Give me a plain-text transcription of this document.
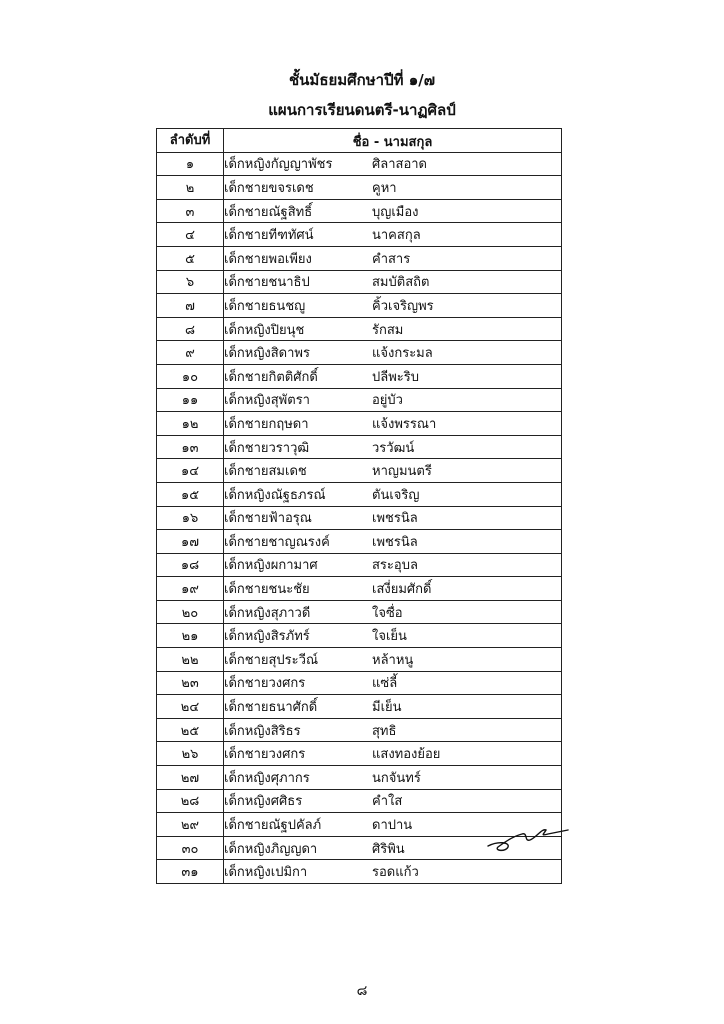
ชั้นมัธยมศึกษาปีที่ ๑/๗
แผนการเรียนดนตรี-นาฏศิลป์
ลำดับที่	ชื่อ - นามสกุล
๑	เด็กหญิงกัญญาพัชร ศิลาสอาด
๒	เด็กชายขจรเดช คูหา
๓	เด็กชายณัฐสิทธิ์ บุญเมือง
๔	เด็กชายทีฑทัศน์ นาคสกุล
๕	เด็กชายพอเพียง คำสาร
๖	เด็กชายชนาธิป สมบัติสถิต
๗	เด็กชายธนชญู คิ้วเจริญพร
๘	เด็กหญิงปิยนุช รักสม
๙	เด็กหญิงสิดาพร แจ้งกระมล
๑๐	เด็กชายกิตติศักดิ์ ปลีพะริบ
๑๑	เด็กหญิงสุพัตรา อยู่บัว
๑๒	เด็กชายกฤษดา แจ้งพรรณา
๑๓	เด็กชายวราวุฒิ วรวัฒน์
๑๔	เด็กชายสมเดช หาญมนตรี
๑๕	เด็กหญิงณัฐธภรณ์ ตันเจริญ
๑๖	เด็กชายฟ้าอรุณ เพชรนิล
๑๗	เด็กชายชาญณรงค์ เพชรนิล
๑๘	เด็กหญิงผกามาศ สระอุบล
๑๙	เด็กชายชนะชัย เสงี่ยมศักดิ์
๒๐	เด็กหญิงสุภาวดี ใจซื่อ
๒๑	เด็กหญิงสิรภัทร์ ใจเย็น
๒๒	เด็กชายสุประวีณ์ หล้าหนู
๒๓	เด็กชายวงศกร แซ่ลี้
๒๔	เด็กชายธนาศักดิ์ มีเย็น
๒๕	เด็กหญิงสิริธร สุทธิ
๒๖	เด็กชายวงศกร แสงทองย้อย
๒๗	เด็กหญิงศุภากร นกจันทร์
๒๘	เด็กหญิงศศิธร คำใส
๒๙	เด็กชายณัฐปคัลภ์ ดาปาน
๓๐	เด็กหญิงภิญญดา ศิริพิน
๓๑	เด็กหญิงเปมิกา รอดแก้ว
๘
